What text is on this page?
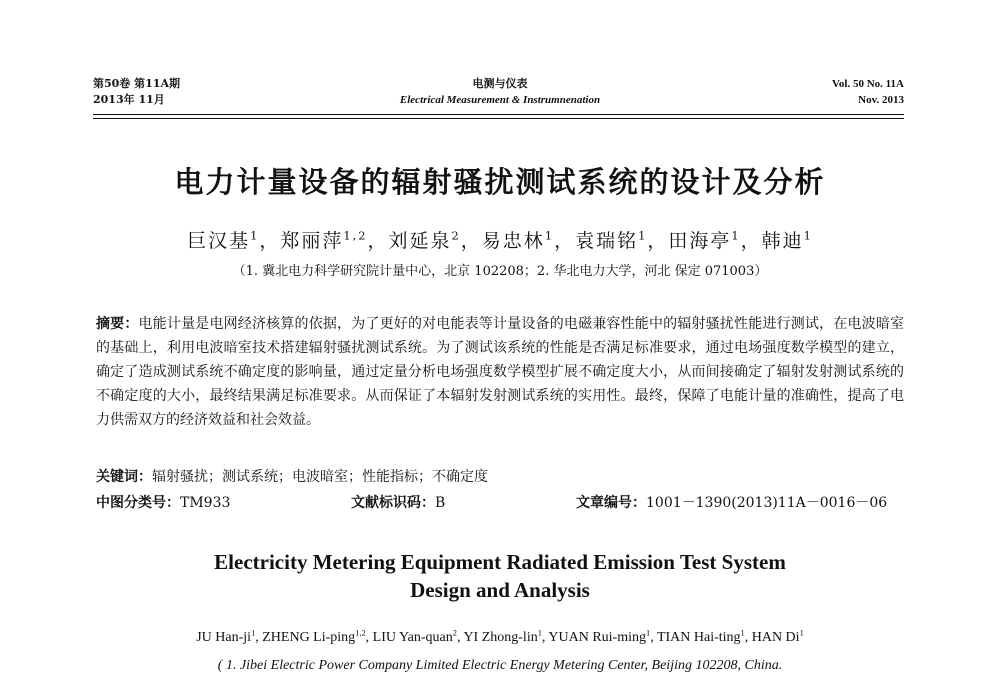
第50卷 第11A期
2013年 11月
电测与仪表
Electrical Measurement & Instrumnenation
Vol. 50 No. 11A
Nov. 2013
电力计量设备的辐射骚扰测试系统的设计及分析
巨汉基$^1$，郑丽萍$^{1,2}$，刘延泉$^2$，易忠林$^1$，袁瑞铭$^1$，田海亭$^1$，韩迪$^1$
（1. 冀北电力科学研究院计量中心，北京 102208；2. 华北电力大学，河北 保定 071003）
摘要：电能计量是电网经济核算的依据，为了更好的对电能表等计量设备的电磁兼容性能中的辐射骚扰性能进行测试，在电波暗室的基础上，利用电波暗室技术搭建辐射骚扰测试系统。为了测试该系统的性能是否满足标准要求，通过电场强度数学模型的建立，确定了造成测试系统不确定度的影响量，通过定量分析电场强度数学模型扩展不确定度大小，从而间接确定了辐射发射测试系统的不确定度的大小，最终结果满足标准要求。从而保证了本辐射发射测试系统的实用性。最终，保障了电能计量的准确性，提高了电力供需双方的经济效益和社会效益。
关键词：辐射骚扰；测试系统；电波暗室；性能指标；不确定度
中图分类号：TM933	文献标识码：B	文章编号：1001－1390(2013)11A－0016－06
Electricity Metering Equipment Radiated Emission Test System
Design and Analysis
JU Han-$ji^1$, ZHENG Li-ping$^{1,2}$, LIU Yan-quan$^2$, YI Zhong-lin$^1$, YUAN Rui-ming$^1$, TIAN Hai-ting$^1$, HAN Di$^1$
( 1. Jibei Electric Power Company Limited Electric Energy Metering Center, Beijing 102208, China.
